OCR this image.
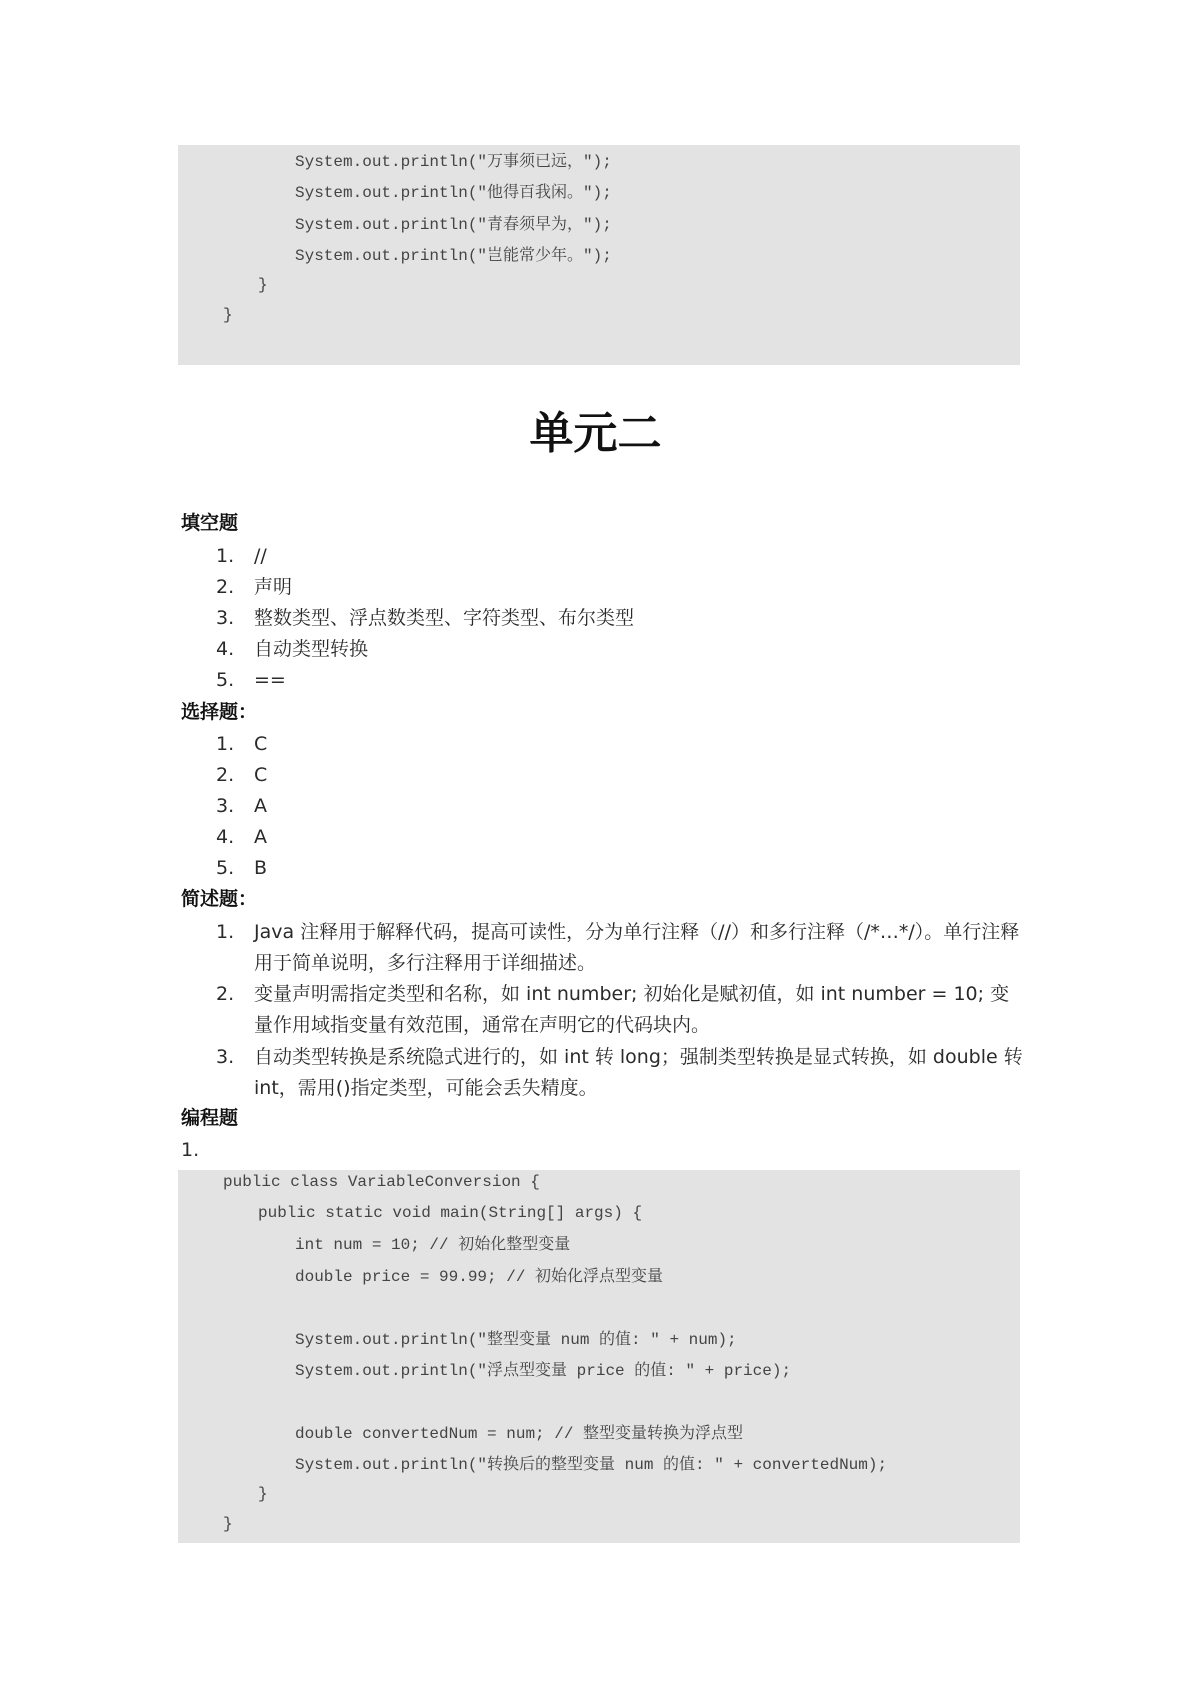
System.out.println("万事须已远，");
System.out.println("他得百我闲。");
System.out.println("青春须早为，");
System.out.println("岂能常少年。");
}
}
单元二
填空题
1. //
2. 声明
3. 整数类型、浮点数类型、字符类型、布尔类型
4. 自动类型转换
5. ==
选择题：
1. C
2. C
3. A
4. A
5. B
简述题：
1. Java 注释用于解释代码，提高可读性，分为单行注释（//）和多行注释（/*…*/）。单行注释用于简单说明，多行注释用于详细描述。
2. 变量声明需指定类型和名称，如 int number; 初始化是赋初值，如 int number = 10; 变量作用域指变量有效范围，通常在声明它的代码块内。
3. 自动类型转换是系统隐式进行的，如 int 转 long；强制类型转换是显式转换，如 double 转 int，需用()指定类型，可能会丢失精度。
编程题
1.
public class VariableConversion {
public static void main(String[] args) {
int num = 10; // 初始化整型变量
double price = 99.99; // 初始化浮点型变量
System.out.println("整型变量 num 的值: " + num);
System.out.println("浮点型变量 price 的值: " + price);
double convertedNum = num; // 整型变量转换为浮点型
System.out.println("转换后的整型变量 num 的值: " + convertedNum);
}
}
